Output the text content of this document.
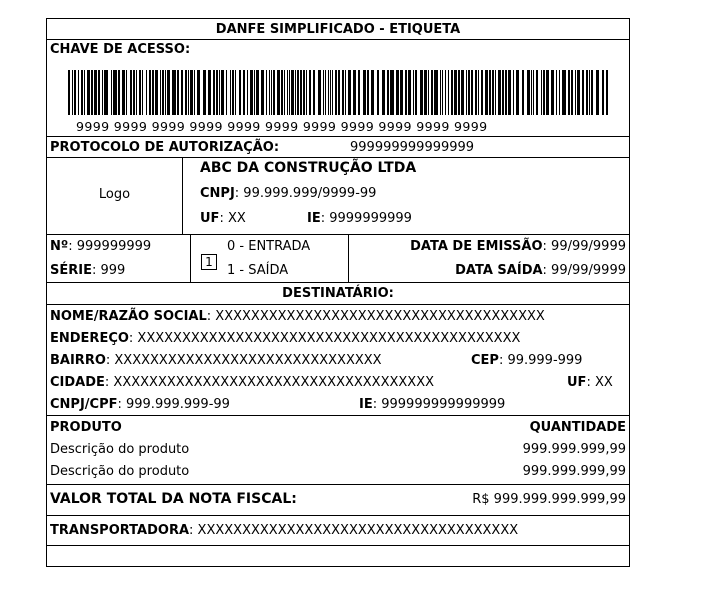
DANFE SIMPLIFICADO - ETIQUETA
CHAVE DE ACESSO:
9999 9999 9999 9999 9999 9999 9999 9999 9999 9999 9999
PROTOCOLO DE AUTORIZAÇÃO:	999999999999999
Logo
ABC DA CONSTRUÇÃO LTDA
CNPJ: 99.999.999/9999-99
UF: XX	IE: 9999999999
Nº: 999999999
SÉRIE: 999
1
0 - ENTRADA
1 - SAÍDA
DATA DE EMISSÃO: 99/99/9999
DATA SAÍDA: 99/99/9999
DESTINATÁRIO:
NOME/RAZÃO SOCIAL: XXXXXXXXXXXXXXXXXXXXXXXXXXXXXXXXXXXXX
ENDEREÇO: XXXXXXXXXXXXXXXXXXXXXXXXXXXXXXXXXXXXXXXXXXX
BAIRRO: XXXXXXXXXXXXXXXXXXXXXXXXXXXXXX	CEP: 99.999-999
CIDADE: XXXXXXXXXXXXXXXXXXXXXXXXXXXXXXXXXXXX	UF: XX
CNPJ/CPF: 999.999.999-99	IE: 999999999999999
PRODUTO	QUANTIDADE
Descrição do produto	999.999.999,99
Descrição do produto	999.999.999,99
VALOR TOTAL DA NOTA FISCAL:	R$ 999.999.999.999,99
TRANSPORTADORA: XXXXXXXXXXXXXXXXXXXXXXXXXXXXXXXXXXXX
